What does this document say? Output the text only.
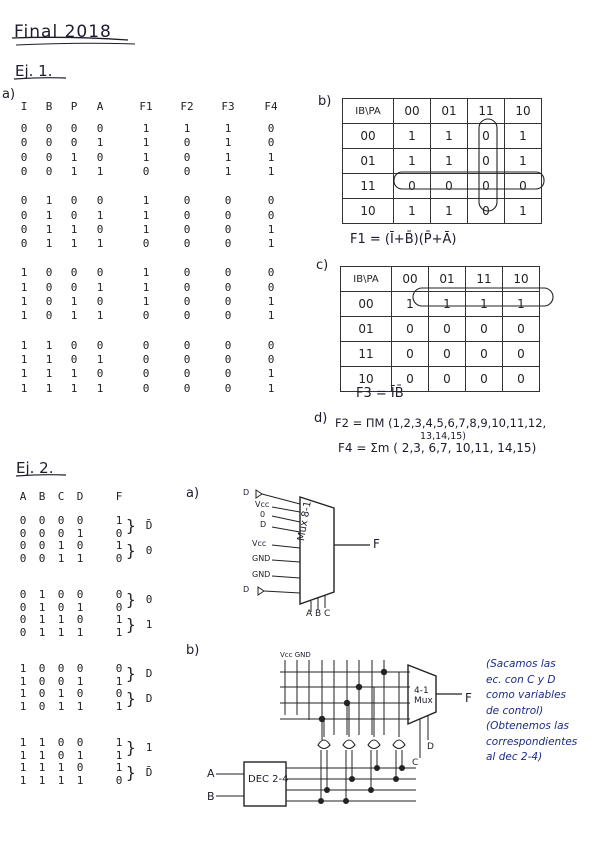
Final 2018
Ej. 1.
a)
I	B	P	A	F1	F2	F3	F4
0	0	0	0	1	1	1	0
0	0	0	1	1	0	1	0
0	0	1	0	1	0	1	1
0	0	1	1	0	0	1	1
0	1	0	0	1	0	0	0
0	1	0	1	1	0	0	0
0	1	1	0	1	0	0	1
0	1	1	1	0	0	0	1
1	0	0	0	1	0	0	0
1	0	0	1	1	0	0	0
1	0	1	0	1	0	0	1
1	0	1	1	0	0	0	1
1	1	0	0	0	0	0	0
1	1	0	1	0	0	0	0
1	1	1	0	0	0	0	1
1	1	1	1	0	0	0	1
b)
IB\PA	00	01	11	10
00	1	1	0	1
01	1	1	0	1
11	0	0	0	0
10	1	1	0	1
F1 = (Ī+B̄)(P̄+Ā)
c)
IB\PA	00	01	11	10
00	1	1	1	1
01	0	0	0	0
11	0	0	0	0
10	0	0	0	0
F3 = ĪB̄
d) F2 = ΠM (1,2,3,4,5,6,7,8,9,10,11,12,
13,14,15)
F4 = Σm ( 2,3, 6,7, 10,11, 14,15)
Ej. 2.
A	B	C	D	F
0	0	0	0	1
0	0	0	1	0
0	0	1	0	1
0	0	1	1	0
0	1	0	0	0
0	1	0	1	0
0	1	1	0	1
0	1	1	1	1
1	0	0	0	0
1	0	0	1	1
1	0	1	0	0
1	0	1	1	1
1	1	0	0	1
1	1	0	1	1
1	1	1	0	1
1	1	1	1	0
} D̄
} 0
} 0
} 1
} D
} D
} 1
} D̄
a)
b)
Mux 8-1
F
A B C
D
Vcc
0
D
Vcc
GND
GND
D
Vcc GND
4-1 Mux	F
DEC 2-4
A
B
C
D
(Sacamos las
ec. con C y D
como variables
de control)
(Obtenemos las
correspondientes
al dec 2-4)
